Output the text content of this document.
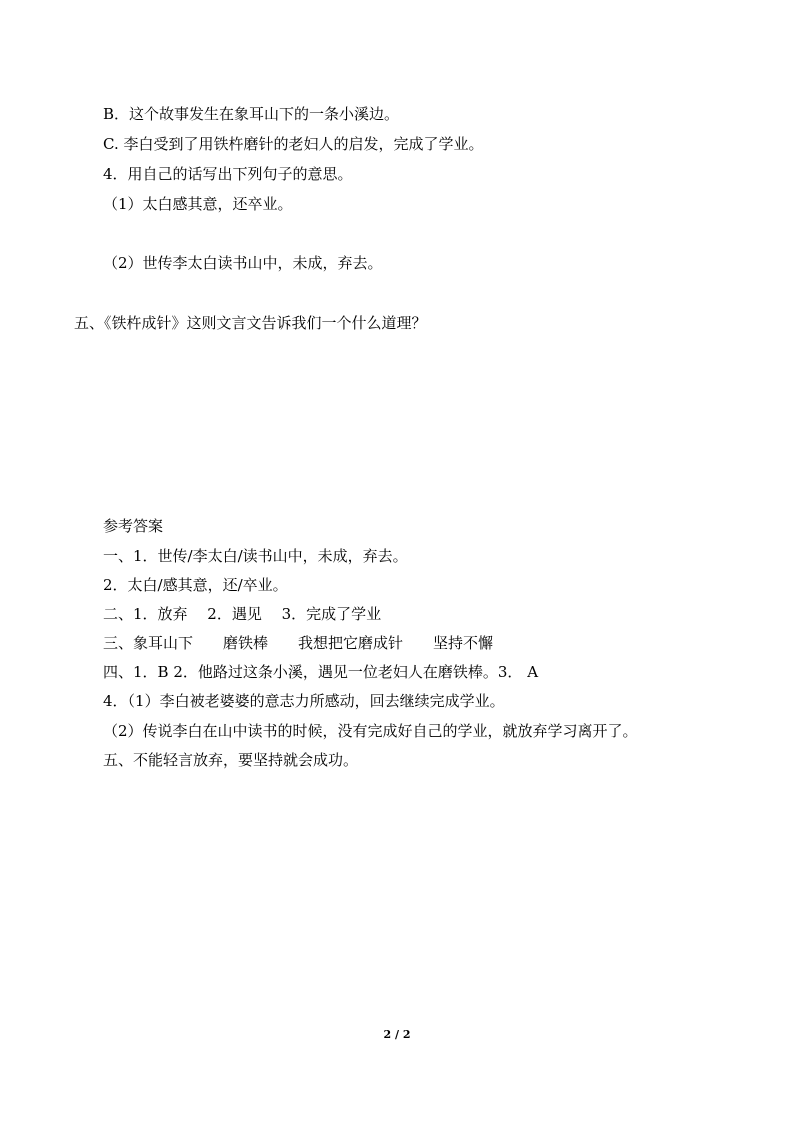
B．这个故事发生在象耳山下的一条小溪边。

C. 李白受到了用铁杵磨针的老妇人的启发，完成了学业。

4．用自己的话写出下列句子的意思。

（1）太白感其意，还卒业。

（2）世传李太白读书山中，未成，弃去。

五、《铁杵成针》这则文言文告诉我们一个什么道理？

参考答案

一、1．世传/李太白/读书山中，未成，弃去。

2．太白/感其意，还/卒业。

二、1．放弃　 2．遇见　 3．完成了学业

三、象耳山下　　磨铁棒　　我想把它磨成针　　坚持不懈

四、1．B 2．他路过这条小溪，遇见一位老妇人在磨铁棒。3． A

4．（1）李白被老婆婆的意志力所感动，回去继续完成学业。

（2）传说李白在山中读书的时候，没有完成好自己的学业，就放弃学习离开了。

五、不能轻言放弃，要坚持就会成功。

2 / 2
